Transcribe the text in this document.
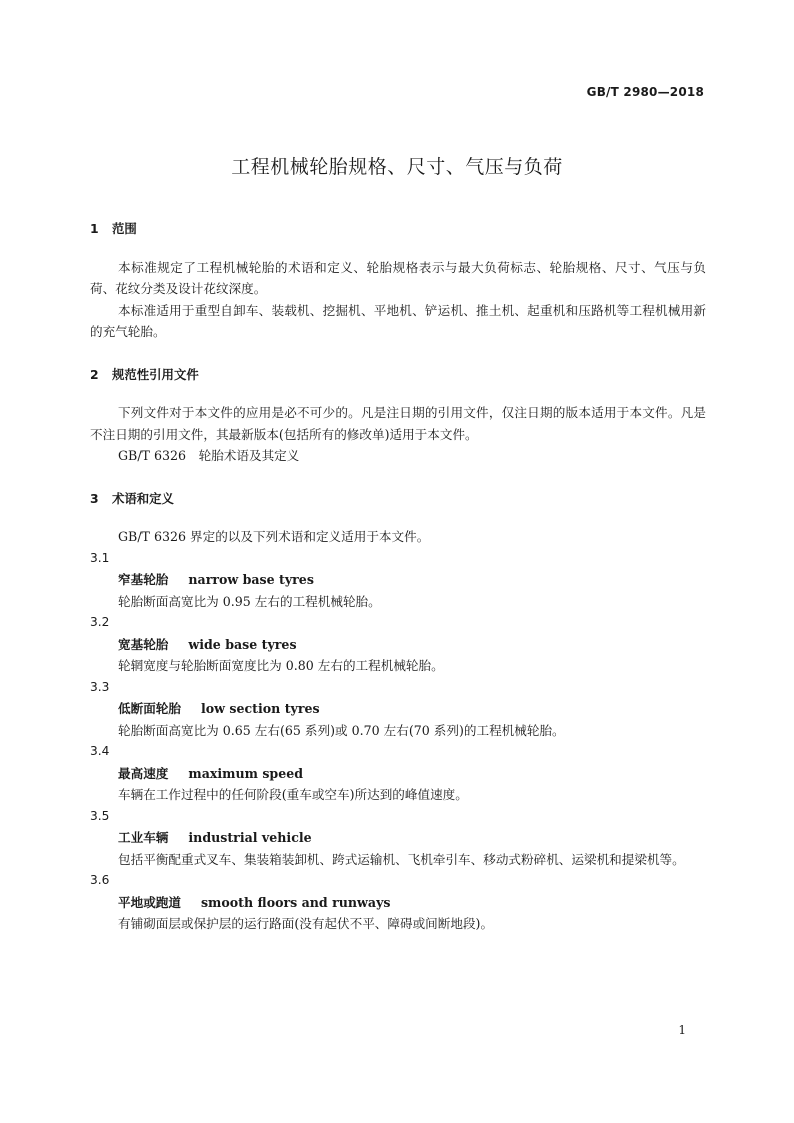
GB/T 2980—2018
工程机械轮胎规格、尺寸、气压与负荷

1 范围

本标准规定了工程机械轮胎的术语和定义、轮胎规格表示与最大负荷标志、轮胎规格、尺寸、气压与负荷、花纹分类及设计花纹深度。

本标准适用于重型自卸车、装载机、挖掘机、平地机、铲运机、推土机、起重机和压路机等工程机械用新的充气轮胎。

2 规范性引用文件

下列文件对于本文件的应用是必不可少的。凡是注日期的引用文件，仅注日期的版本适用于本文件。凡是不注日期的引用文件，其最新版本(包括所有的修改单)适用于本文件。

GB/T 6326　轮胎术语及其定义

3 术语和定义

GB/T 6326 界定的以及下列术语和定义适用于本文件。

3.1

窄基轮胎 narrow base tyres

轮胎断面高宽比为 0.95 左右的工程机械轮胎。

3.2

宽基轮胎 wide base tyres

轮辋宽度与轮胎断面宽度比为 0.80 左右的工程机械轮胎。

3.3

低断面轮胎 low section tyres

轮胎断面高宽比为 0.65 左右(65 系列)或 0.70 左右(70 系列)的工程机械轮胎。

3.4

最高速度 maximum speed

车辆在工作过程中的任何阶段(重车或空车)所达到的峰值速度。

3.5

工业车辆 industrial vehicle

包括平衡配重式叉车、集装箱装卸机、跨式运输机、飞机牵引车、移动式粉碎机、运梁机和提梁机等。

3.6

平地或跑道 smooth floors and runways

有铺砌面层或保护层的运行路面(没有起伏不平、障碍或间断地段)。

1
